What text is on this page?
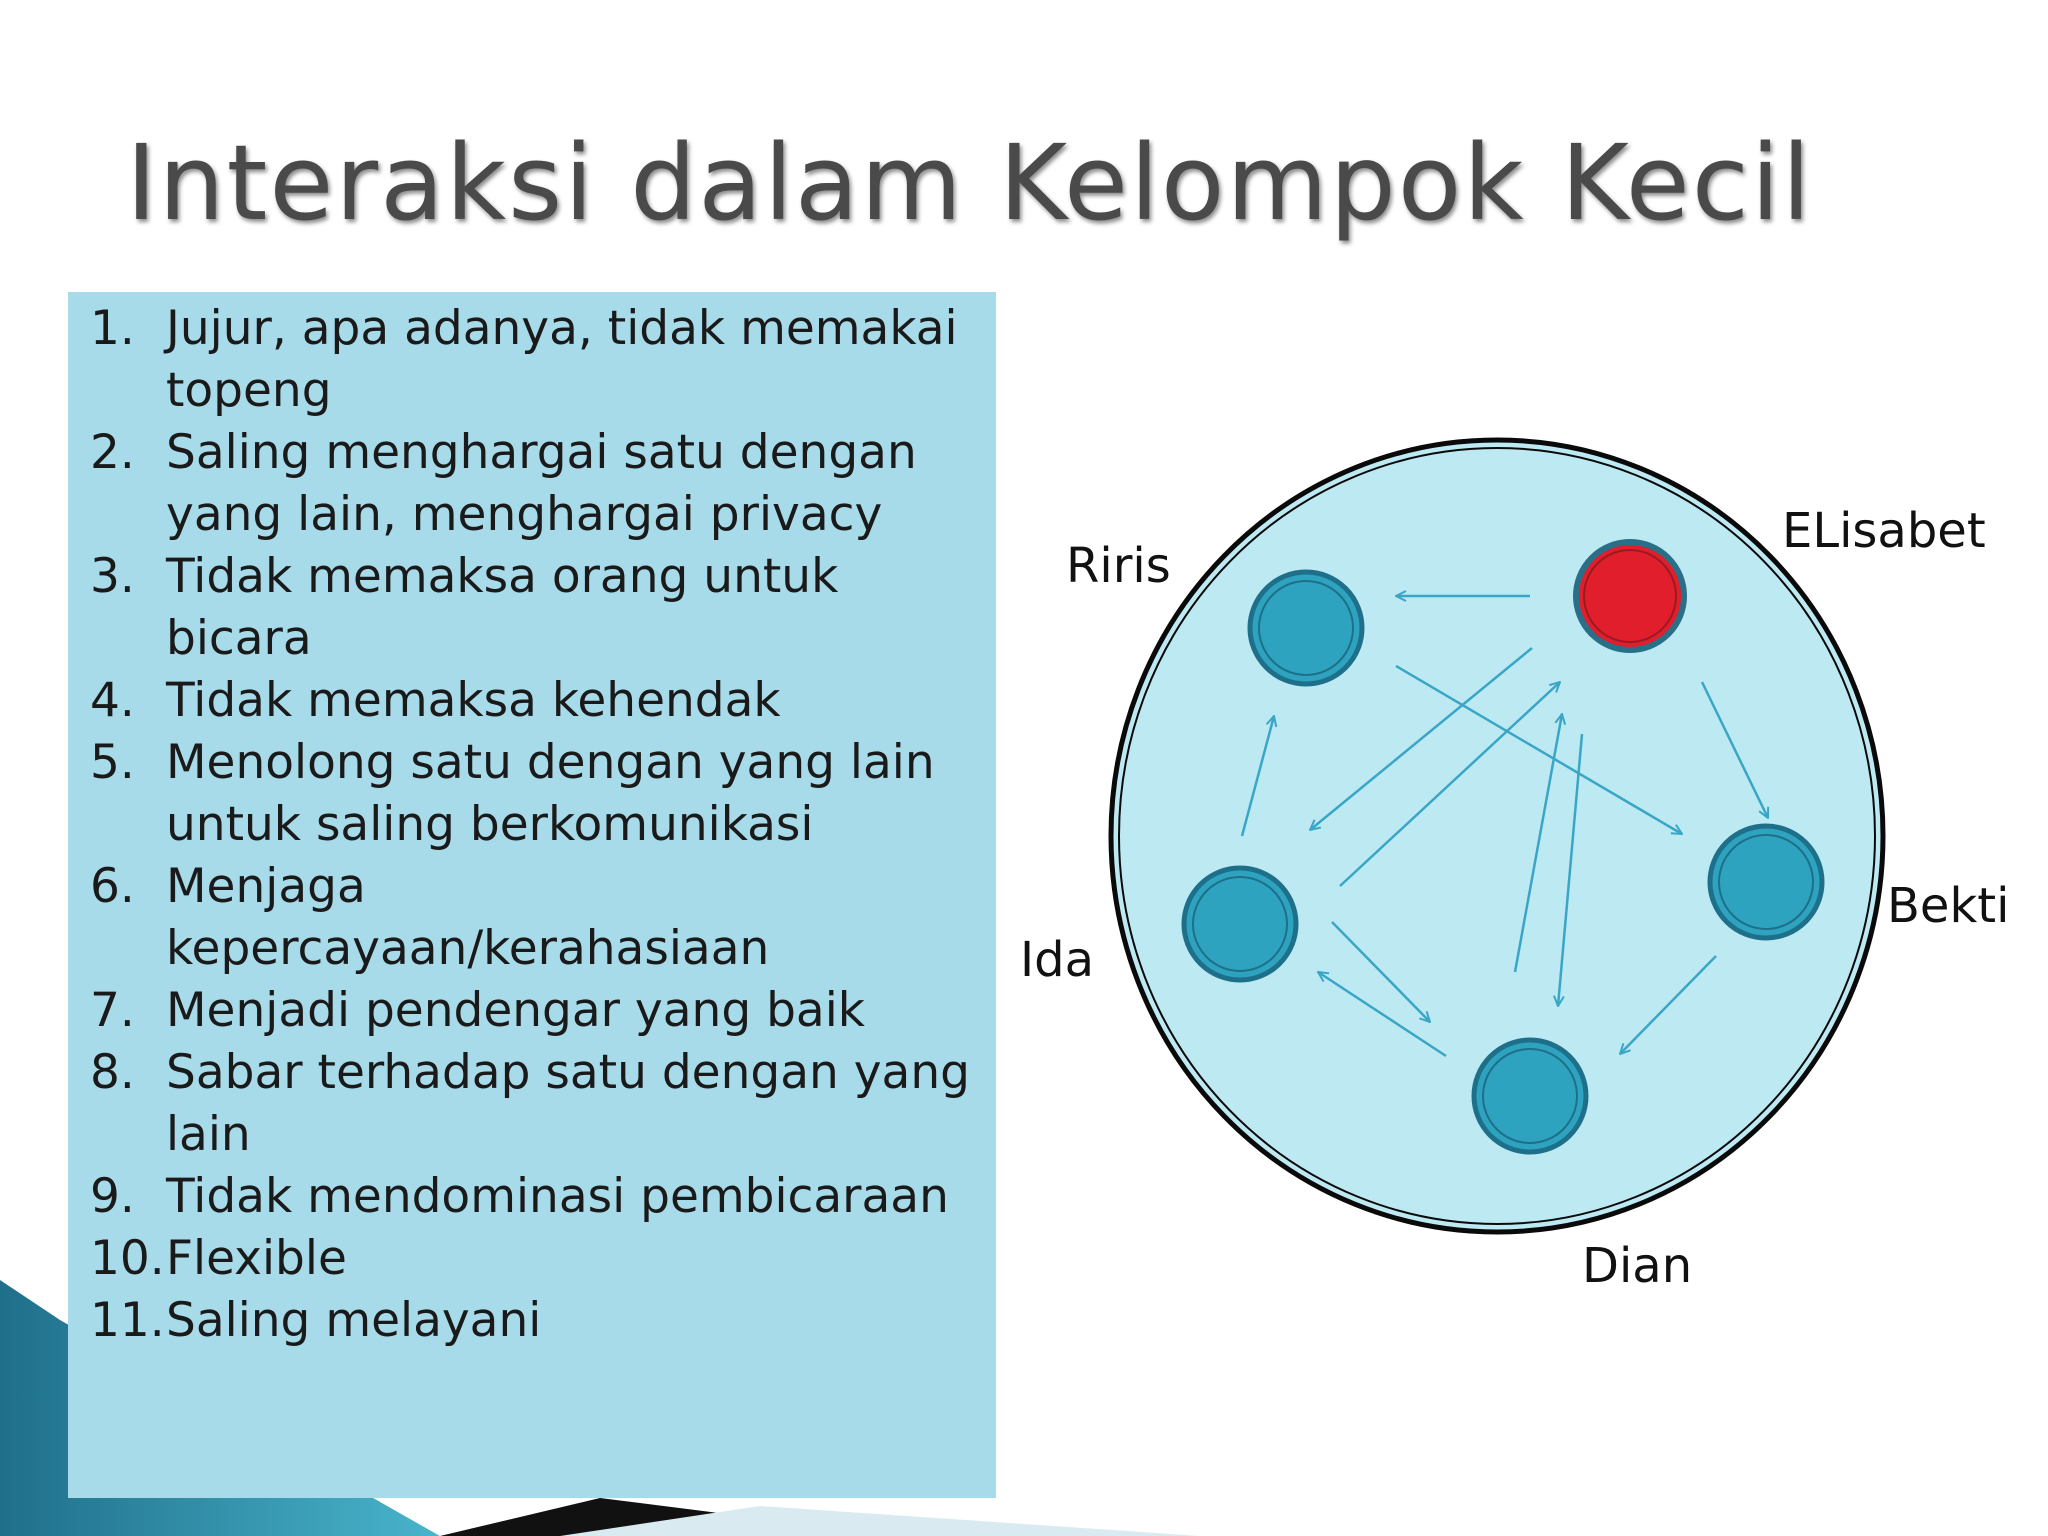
Interaksi dalam Kelompok Kecil
1. Jujur, apa adanya, tidak memakai topeng
2. Saling menghargai satu dengan yang lain, menghargai privacy
3. Tidak memaksa orang untuk bicara
4. Tidak memaksa kehendak
5. Menolong satu dengan yang lain untuk saling berkomunikasi
6. Menjaga kepercayaan/kerahasiaan
7. Menjadi pendengar yang baik
8. Sabar terhadap satu dengan yang lain
9. Tidak mendominasi pembicaraan
10. Flexible
11. Saling melayani
ELisabet
Riris
Bekti
Ida
Dian
